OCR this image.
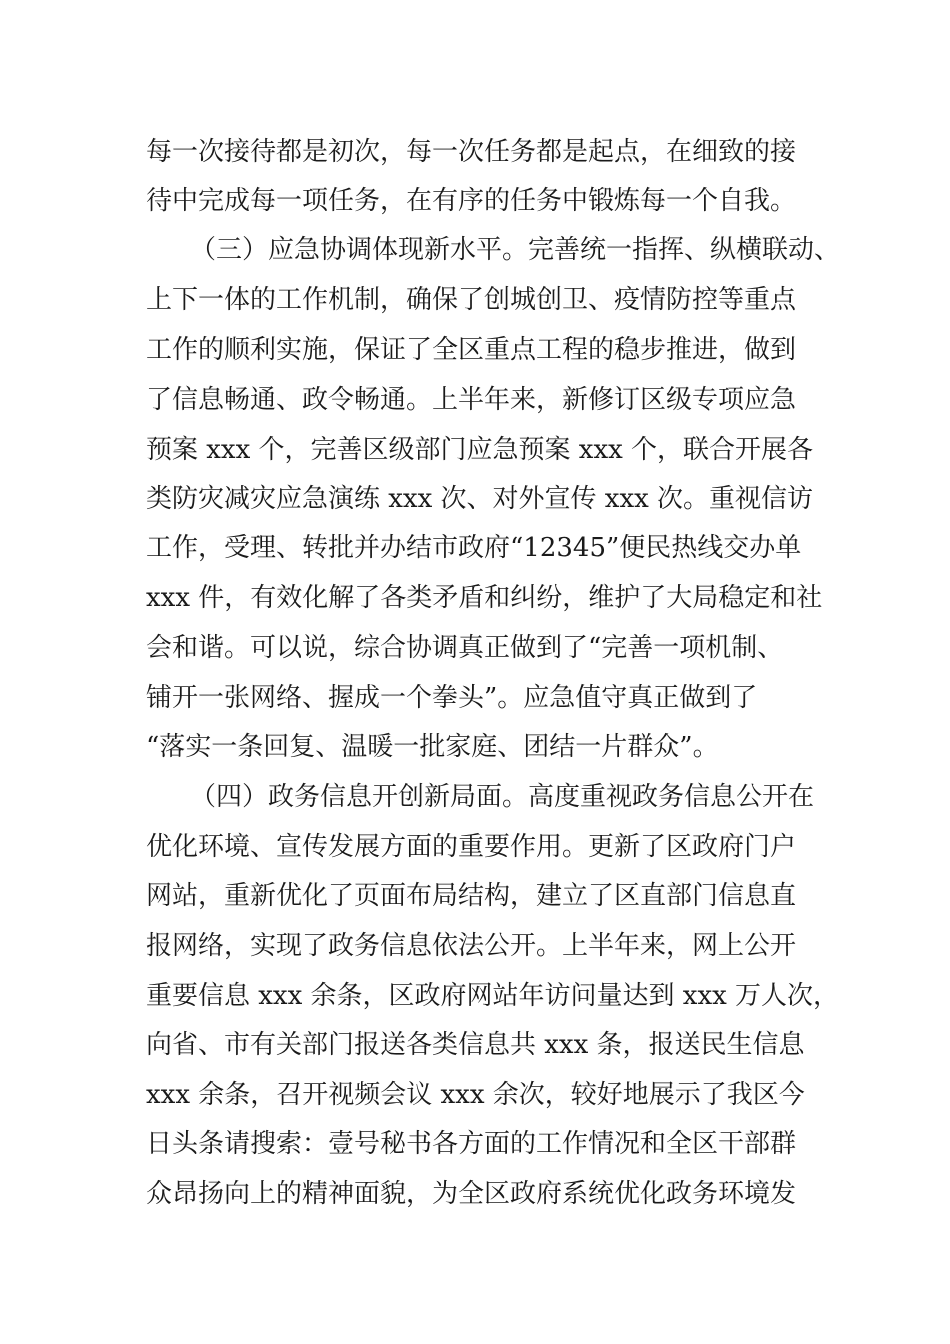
每一次接待都是初次，每一次任务都是起点，在细致的接
待中完成每一项任务，在有序的任务中锻炼每一个自我。
（三）应急协调体现新水平。完善统一指挥、纵横联动、
上下一体的工作机制，确保了创城创卫、疫情防控等重点
工作的顺利实施，保证了全区重点工程的稳步推进，做到
了信息畅通、政令畅通。上半年来，新修订区级专项应急
预案 xxx 个，完善区级部门应急预案 xxx 个，联合开展各
类防灾减灾应急演练 xxx 次、对外宣传 xxx 次。重视信访
工作，受理、转批并办结市政府“12345”便民热线交办单
xxx 件，有效化解了各类矛盾和纠纷，维护了大局稳定和社
会和谐。可以说，综合协调真正做到了“完善一项机制、
铺开一张网络、握成一个拳头”。应急值守真正做到了
“落实一条回复、温暖一批家庭、团结一片群众”。
（四）政务信息开创新局面。高度重视政务信息公开在
优化环境、宣传发展方面的重要作用。更新了区政府门户
网站，重新优化了页面布局结构，建立了区直部门信息直
报网络，实现了政务信息依法公开。上半年来，网上公开
重要信息 xxx 余条，区政府网站年访问量达到 xxx 万人次，
向省、市有关部门报送各类信息共 xxx 条，报送民生信息
xxx 余条，召开视频会议 xxx 余次，较好地展示了我区今
日头条请搜索：壹号秘书各方面的工作情况和全区干部群
众昂扬向上的精神面貌，为全区政府系统优化政务环境发
